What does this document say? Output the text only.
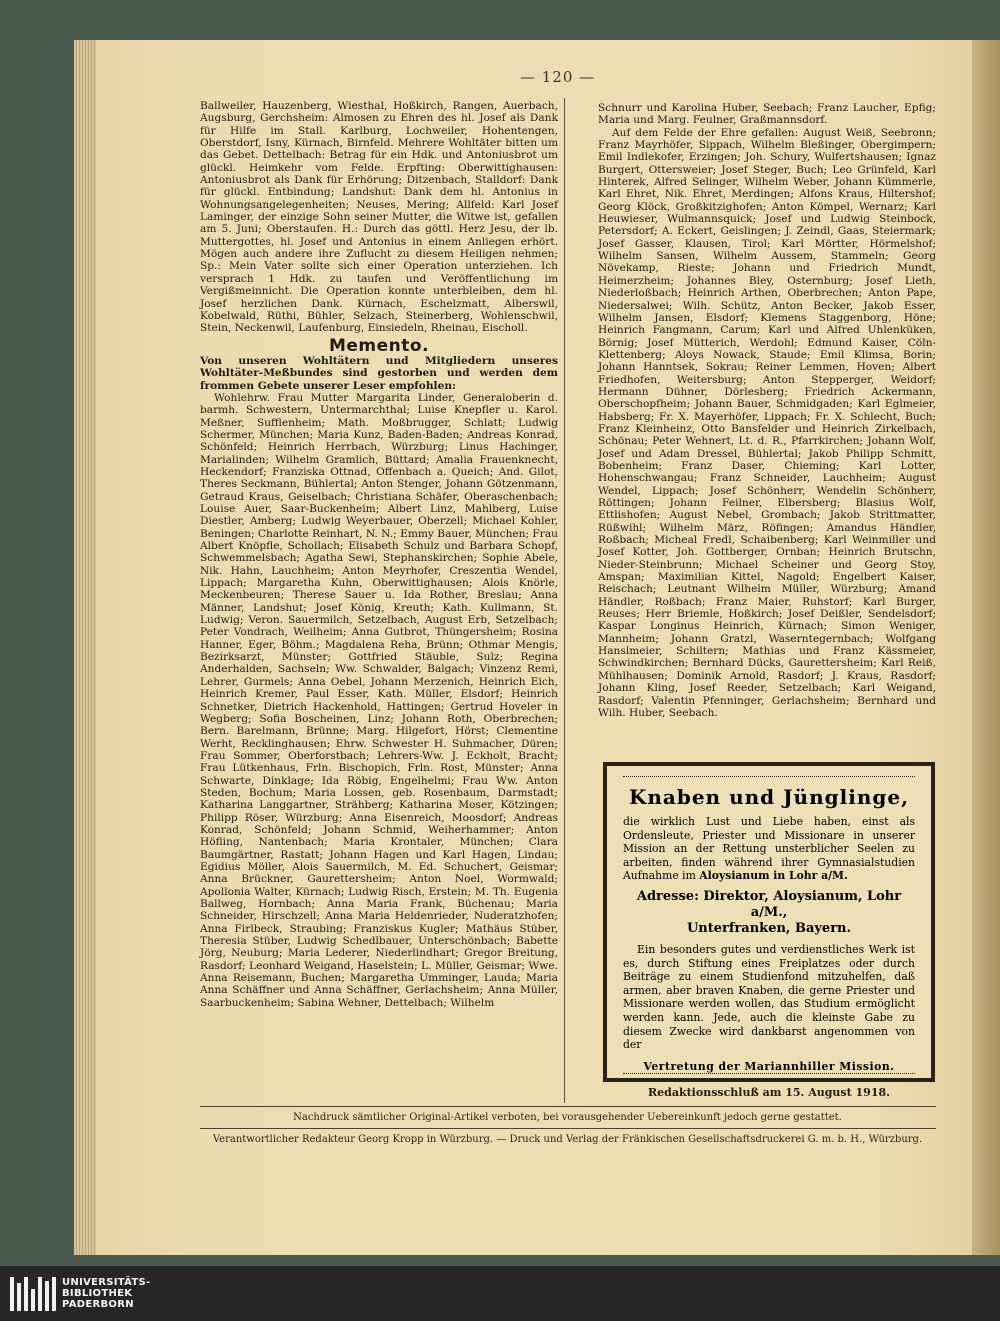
— 120 —

Ballweiler, Hauzenberg, Wiesthal, Hoßkirch, Rangen, Auerbach, Augsburg, Gerchsheim: Almosen zu Ehren des hl. Josef als Dank für Hilfe im Stall. Karlburg, Lochweiler, Hohentengen, Oberstdorf, Isny, Kürnach, Birnfeld. Mehrere Wohltäter bitten um das Gebet. Dettelbach: Betrag für ein Hdk. und Antoniusbrot um glückl. Heimkehr vom Felde. Erpfting: Oberwittighausen: Antoniusbrot als Dank für Erhörung; Ditzenbach, Stalldorf: Dank für glückl. Entbindung; Landshut: Dank dem hl. Antonius in Wohnungsangelegenheiten; Neuses, Mering; Allfeld: Karl Josef Laminger, der einzige Sohn seiner Mutter, die Witwe ist, gefallen am 5. Juni; Oberstaufen. H.: Durch das göttl. Herz Jesu, der lb. Muttergottes, hl. Josef und Antonius in einem Anliegen erhört. Mögen auch andere ihre Zuflucht zu diesem Heiligen nehmen; Sp.: Mein Vater sollte sich einer Operation unterziehen. Ich versprach 1 Hdk. zu taufen und Veröffentlichung im Vergißmeinnicht. Die Operation konnte unterbleiben, dem hl. Josef herzlichen Dank. Kürnach, Eschelzmatt, Alberswil, Kobelwald, Rüthi, Bühler, Selzach, Steinerberg, Wohlenschwil, Stein, Neckenwil, Laufenburg, Einsiedeln, Rheinau, Eischoll.

Memento.

Von unseren Wohltätern und Mitgliedern unseres Wohltäter-Meßbundes sind gestorben und werden dem frommen Gebete unserer Leser empfohlen:

Wohlehrw. Frau Mutter Margarita Linder, Generaloberin d. barmh. Schwestern, Untermarchthal; Luise Knepfler u. Karol. Meßner, Sufflenheim; Math. Moßbrugger, Schlatt; Ludwig Schermer, München; Maria Kunz, Baden-Baden; Andreas Konrad, Schönfeld; Heinrich Herrbach, Würzburg; Linus Hachinger, Marialinden; Wilhelm Gramlich, Büttard; Amalia Frauenknecht, Heckendorf; Franziska Ottnad, Offenbach a. Queich; And. Gilot, Theres Seckmann, Bühlertal; Anton Stenger, Johann Götzenmann, Getraud Kraus, Geiselbach; Christiana Schäfer, Oberaschenbach; Louise Auer, Saar-Buckenheim; Albert Linz, Mahlberg, Luise Diestler, Amberg; Ludwig Weyerbauer, Oberzell; Michael Kohler, Beningen; Charlotte Reinhart, N. N.; Emmy Bauer, München; Frau Albert Knöpfle, Schollach; Elisabeth Schulz und Barbara Schopf, Schwemmelsbach; Agatha Sewi, Stephanskirchen; Sophie Abele, Nik. Hahn, Lauchheim; Anton Meyrhofer, Creszentia Wendel, Lippach; Margaretha Kuhn, Oberwittighausen; Alois Knörle, Meckenbeuren; Therese Sauer u. Ida Rother, Breslau; Anna Männer, Landshut; Josef König, Kreuth; Kath. Kullmann, St. Ludwig; Veron. Sauermilch, Setzelbach, August Erb, Setzelbach; Peter Vondrach, Weilheim; Anna Gutbrot, Thüngersheim; Rosina Hanner, Eger, Böhm.; Magdalena Reha, Brünn; Othmar Mengis, Bezirksarzt, Münster; Gottfried Stäuble, Sulz; Regina Anderhalden, Sachseln; Ww. Schwalder, Balgach; Vinzenz Remi, Lehrer, Gurmels; Anna Oebel, Johann Merzenich, Heinrich Eich, Heinrich Kremer, Paul Esser, Kath. Müller, Elsdorf; Heinrich Schnetker, Dietrich Hackenhold, Hattingen; Gertrud Hoveler in Wegberg; Sofia Boscheinen, Linz; Johann Roth, Oberbrechen; Bern. Barelmann, Brünne; Marg. Hilgefort, Hörst; Clementine Werht, Recklinghausen; Ehrw. Schwester H. Suhmacher, Düren; Frau Sommer, Oberforstbach; Lehrers-Ww. J. Eckholt, Bracht; Frau Lütkenhaus, Frln. Bischopich, Frln. Rost, Münster; Anna Schwarte, Dinklage; Ida Röbig, Engelhelmi; Frau Ww. Anton Steden, Bochum; Maria Lossen, geb. Rosenbaum, Darmstadt; Katharina Langgartner, Strähberg; Katharina Moser, Kötzingen; Philipp Röser, Würzburg; Anna Eisenreich, Moosdorf; Andreas Konrad, Schönfeld; Johann Schmid, Weiherhammer; Anton Höfling, Nantenbach; Maria Krontaler, München; Clara Baumgärtner, Rastatt; Johann Hagen und Karl Hagen, Lindau; Egidius Möller, Alois Sauermilch, M. Ed. Schuchert, Geismar; Anna Brückner, Gaurettersheim; Anton Noel, Wormwald; Apollonia Walter, Kürnach; Ludwig Risch, Erstein; M. Th. Eugenia Ballweg, Hornbach; Anna Maria Frank, Büchenau; Maria Schneider, Hirschzell; Anna Maria Heldenrieder, Nuderatzhofen; Anna Firlbeck, Straubing; Franziskus Kugler; Mathäus Stüber, Theresia Stüber, Ludwig Schedlbauer, Unterschönbach; Babette Jörg, Neuburg; Maria Lederer, Niederlindhart; Gregor Breitung, Rasdorf; Leonhard Weigand, Haselstein; L. Müller, Geismar; Wwe. Anna Reisemann, Buchen; Margaretha Umminger, Lauda; Maria Anna Schäffner und Anna Schäffner, Gerlachsheim; Anna Müller, Saarbuckenheim; Sabina Wehner, Dettelbach; Wilhelm

Schnurr und Karolina Huber, Seebach; Franz Laucher, Epfig; Maria und Marg. Feulner, Graßmannsdorf.

Auf dem Felde der Ehre gefallen: August Weiß, Seebronn; Franz Mayrhöfer, Sippach, Wilhelm Bleßinger, Obergimpern; Emil Indlekofer, Erzingen; Joh. Schury, Wulfertshausen; Ignaz Burgert, Ottersweier; Josef Steger, Buch; Leo Grünfeld, Karl Hinterek, Alfred Selinger, Wilhelm Weber, Johann Kümmerle, Karl Ehret, Nik. Ehret, Merdingen; Alfons Kraus, Hiltershof; Georg Klöck, Großkitzighofen; Anton Kömpel, Wernarz; Karl Heuwieser, Wulmannsquick; Josef und Ludwig Steinbock, Petersdorf; A. Eckert, Geislingen; J. Zeindl, Gaas, Steiermark; Josef Gasser, Klausen, Tirol; Karl Mörtter, Hörmelshof; Wilhelm Sansen, Wilhelm Aussem, Stammeln; Georg Növekamp, Rieste; Johann und Friedrich Mundt, Heimerzheim; Johannes Bley, Osternburg; Josef Lieth, Niederloßbach; Heinrich Arthen, Oberbrechen; Anton Pape, Niedersalwei; Wilh. Schütz, Anton Becker, Jakob Esser, Wilhelm Jansen, Elsdorf; Klemens Staggenborg, Höne; Heinrich Fangmann, Carum; Karl und Alfred Uhlenküken, Börnig; Josef Mütterich, Werdohl; Edmund Kaiser, Cöln-Klettenberg; Aloys Nowack, Staude; Emil Klimsa, Borin; Johann Hanntsek, Sokrau; Reiner Lemmen, Hoven; Albert Friedhofen, Weitersburg; Anton Stepperger, Weidorf; Hermann Dühner, Dörlesberg; Friedrich Ackermann, Oberschopfheim; Johann Bauer, Schmidgaden; Karl Eglmeier, Habsberg; Fr. X. Mayerhöfer, Lippach; Fr. X. Schlecht, Buch; Franz Kleinheinz, Otto Bansfelder und Heinrich Zirkelbach, Schönau; Peter Wehnert, Lt. d. R., Pfarrkirchen; Johann Wolf, Josef und Adam Dressel, Bühlertal; Jakob Philipp Schmitt, Bobenheim; Franz Daser, Chieming; Karl Lotter, Hohenschwangau; Franz Schneider, Lauchheim; August Wendel, Lippach; Josef Schönherr, Wendelin Schönherr, Röttingen; Johann Feilner, Elbersberg; Blasius Wolf, Ettlishofen; August Nebel, Grombach; Jakob Strittmatter, Rüßwihl; Wilhelm März, Röfingen; Amandus Händler, Roßbach; Micheal Fredl, Schaibenberg; Karl Weinmiller und Josef Kotter, Joh. Gottberger, Ornban; Heinrich Brutschn, Nieder-Steinbrunn; Michael Scheiner und Georg Stoy, Amspan; Maximilian Kittel, Nagold; Engelbert Kaiser, Reischach; Leutnant Wilhelm Müller, Würzburg; Amand Händler, Roßbach; Franz Maier, Ruhstorf; Karl Burger, Reuses; Herr Briemle, Hoßkirch; Josef Deißler, Sendelsdorf; Kaspar Longinus Heinrich, Kürnach; Simon Weniger, Mannheim; Johann Gratzl, Waserntegernbach; Wolfgang Hanslmeier, Schiltern; Mathias und Franz Kässmeier, Schwindkirchen; Bernhard Dücks, Gaurettersheim; Karl Reiß, Mühlhausen; Dominik Arnold, Rasdorf; J. Kraus, Rasdorf; Johann Kling, Josef Reeder, Setzelbach; Karl Weigand, Rasdorf; Valentin Pfenninger, Gerlachsheim; Bernhard und Wilh. Huber, Seebach.

Knaben und Jünglinge,
die wirklich Lust und Liebe haben, einst als Ordensleute, Priester und Missionare in unserer Mission an der Rettung unsterblicher Seelen zu arbeiten, finden während ihrer Gymnasialstudien Aufnahme im Aloysianum in Lohr a/M.
Adresse: Direktor, Aloysianum, Lohr a/M.,
Unterfranken, Bayern.
Ein besonders gutes und verdienstliches Werk ist es, durch Stiftung eines Freiplatzes oder durch Beiträge zu einem Studienfond mitzuhelfen, daß armen, aber braven Knaben, die gerne Priester und Missionare werden wollen, das Studium ermöglicht werden kann. Jede, auch die kleinste Gabe zu diesem Zwecke wird dankbarst angenommen von der
Vertretung der Mariannhiller Mission.
Redaktionsschluß am 15. August 1918.
Nachdruck sämtlicher Original-Artikel verboten, bei vorausgehender Uebereinkunft jedoch gerne gestattet.
Verantwortlicher Redakteur Georg Kropp in Würzburg. — Druck und Verlag der Fränkischen Gesellschaftsdruckerei G. m. b. H., Würzburg.
UNIVERSITÄTS-
BIBLIOTHEK
PADERBORN
